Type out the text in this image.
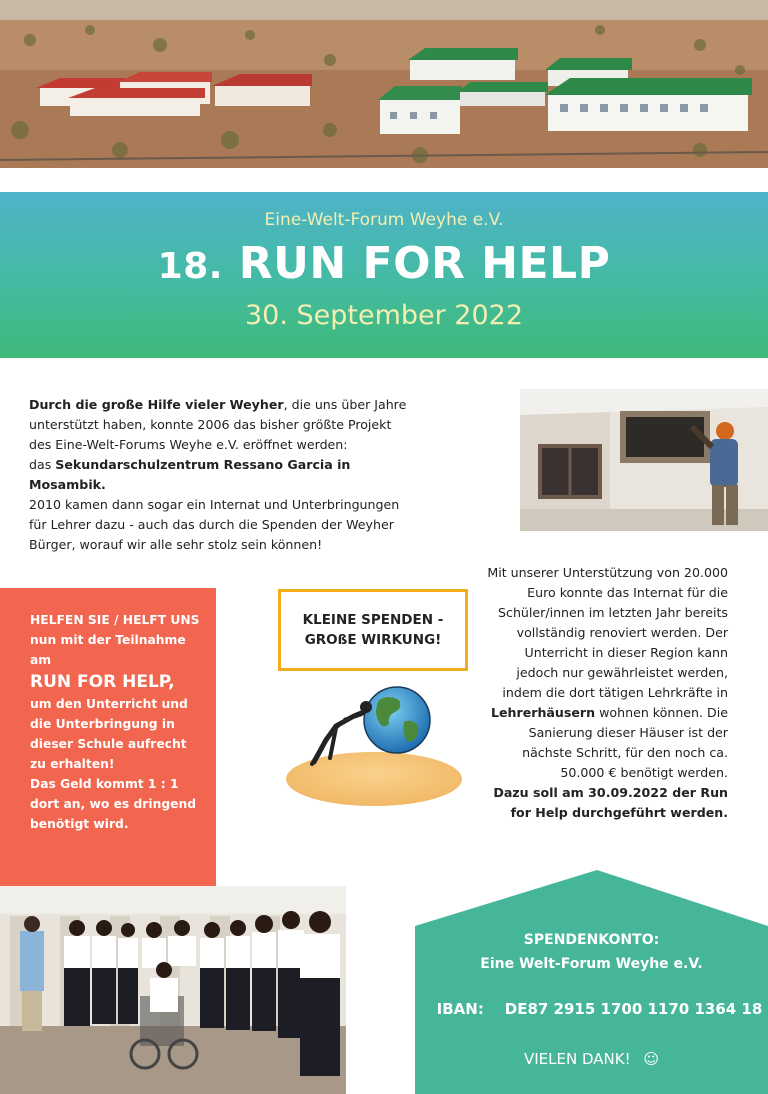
Eine-Welt-Forum Weyhe e.V.
18. RUN FOR HELP
30. September 2022
Durch die große Hilfe vieler Weyher, die uns über Jahre unterstützt haben, konnte 2006 das bisher größte Projekt des Eine-Welt-Forums Weyhe e.V. eröffnet werden:
das Sekundarschulzentrum Ressano Garcia in Mosambik.
2010 kamen dann sogar ein Internat und Unterbringungen für Lehrer dazu - auch das durch die Spenden der Weyher Bürger, worauf wir alle sehr stolz sein können!
Mit unserer Unterstützung von 20.000 Euro konnte das Internat für die Schüler/innen im letzten Jahr bereits vollständig renoviert werden. Der Unterricht in dieser Region kann jedoch nur gewährleistet werden, indem die dort tätigen Lehrkräfte in Lehrerhäusern wohnen können. Die Sanierung dieser Häuser ist der nächste Schritt, für den noch ca. 50.000 € benötigt werden.
Dazu soll am 30.09.2022 der Run for Help durchgeführt werden.
HELFEN SIE / HELFT UNS nun mit der Teilnahme am
RUN FOR HELP,
um den Unterricht und die Unterbringung in dieser Schule aufrecht zu erhalten!
Das Geld kommt 1 : 1 dort an, wo es dringend benötigt wird.
KLEINE SPENDEN -
GROßE WIRKUNG!
SPENDENKONTO:
Eine Welt-Forum Weyhe e.V.
IBAN: DE87 2915 1700 1170 1364 18
VIELEN DANK! ☺
